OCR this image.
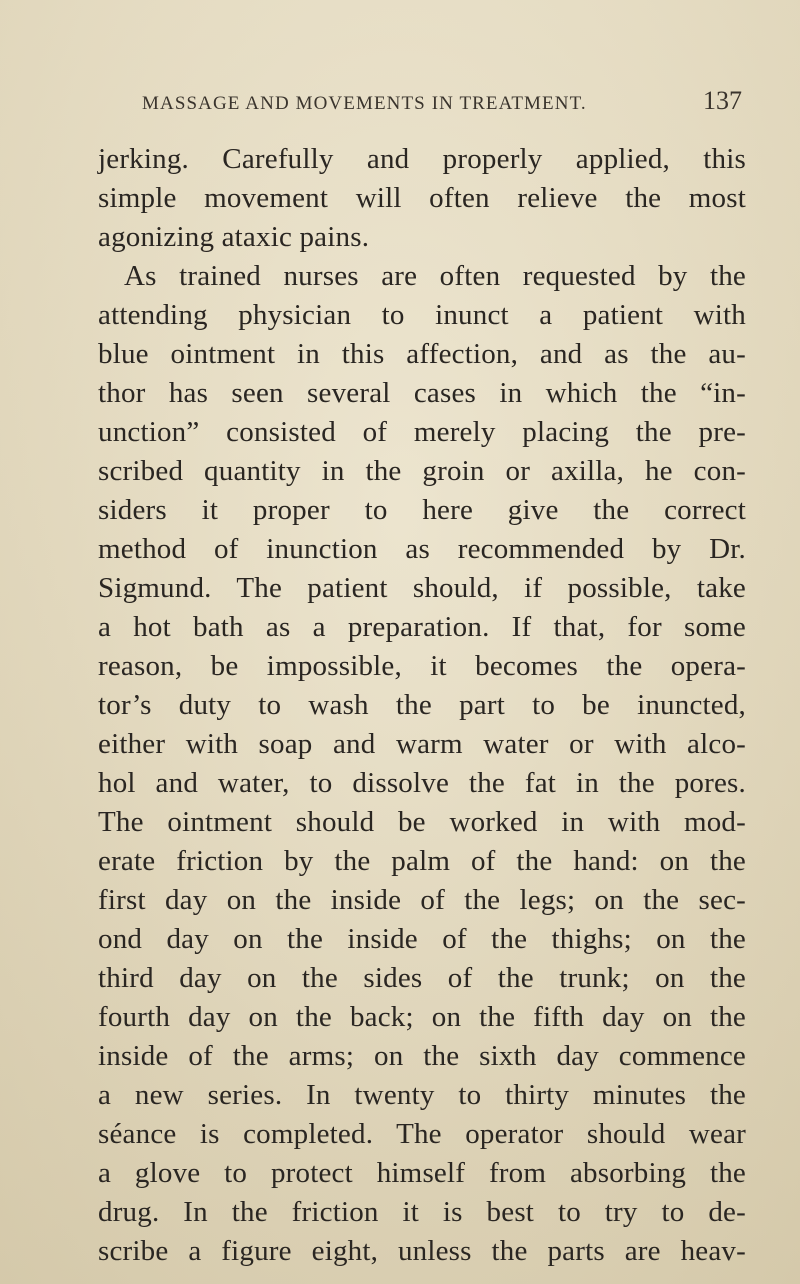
MASSAGE AND MOVEMENTS IN TREATMENT.	137
jerking. Carefully and properly applied, this
simple movement will often relieve the most
agonizing ataxic pains.
As trained nurses are often requested by the
attending physician to inunct a patient with
blue ointment in this affection, and as the au-
thor has seen several cases in which the “in-
unction” consisted of merely placing the pre-
scribed quantity in the groin or axilla, he con-
siders it proper to here give the correct
method of inunction as recommended by Dr.
Sigmund. The patient should, if possible, take
a hot bath as a preparation. If that, for some
reason, be impossible, it becomes the opera-
tor’s duty to wash the part to be inuncted,
either with soap and warm water or with alco-
hol and water, to dissolve the fat in the pores.
The ointment should be worked in with mod-
erate friction by the palm of the hand: on the
first day on the inside of the legs; on the sec-
ond day on the inside of the thighs; on the
third day on the sides of the trunk; on the
fourth day on the back; on the fifth day on the
inside of the arms; on the sixth day commence
a new series. In twenty to thirty minutes the
séance is completed. The operator should wear
a glove to protect himself from absorbing the
drug. In the friction it is best to try to de-
scribe a figure eight, unless the parts are heav-
